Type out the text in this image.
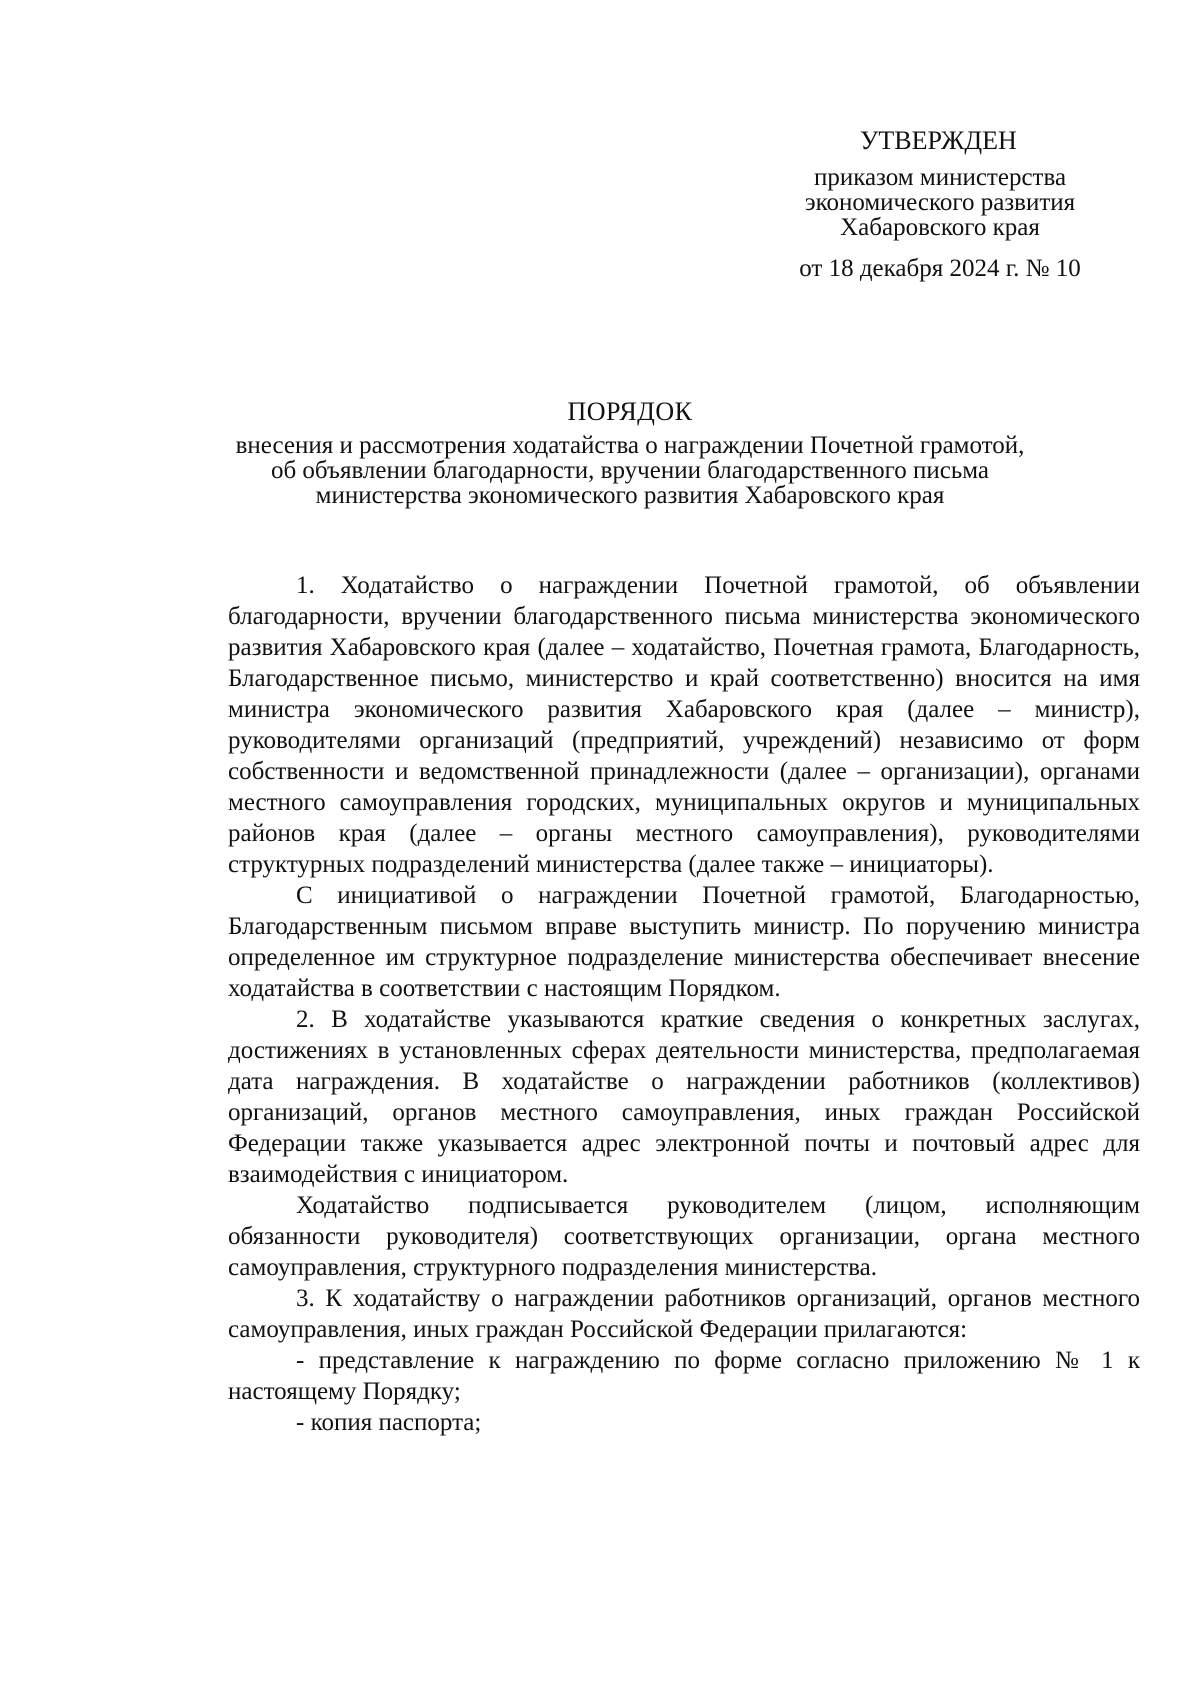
УТВЕРЖДЕН
приказом министерства
экономического развития
Хабаровского края
от 18 декабря 2024 г. № 10
ПОРЯДОК
внесения и рассмотрения ходатайства о награждении Почетной грамотой,
об объявлении благодарности, вручении благодарственного письма
министерства экономического развития Хабаровского края

1. Ходатайство о награждении Почетной грамотой, об объявлении благодарности, вручении благодарственного письма министерства экономического развития Хабаровского края (далее – ходатайство, Почетная грамота, Благодарность, Благодарственное письмо, министерство и край соответственно) вносится на имя министра экономического развития Хабаровского края (далее – министр), руководителями организаций (предприятий, учреждений) независимо от форм собственности и ведомственной принадлежности (далее – организации), органами местного самоуправления городских, муниципальных округов и муниципальных районов края (далее – органы местного самоуправления), руководителями структурных подразделений министерства (далее также – инициаторы).

С инициативой о награждении Почетной грамотой, Благодарностью, Благодарственным письмом вправе выступить министр. По поручению министра определенное им структурное подразделение министерства обеспечивает внесение ходатайства в соответствии с настоящим Порядком.

2. В ходатайстве указываются краткие сведения о конкретных заслугах, достижениях в установленных сферах деятельности министерства, предполагаемая дата награждения. В ходатайстве о награждении работников (коллективов) организаций, органов местного самоуправления, иных граждан Российской Федерации также указывается адрес электронной почты и почтовый адрес для взаимодействия с инициатором.

Ходатайство подписывается руководителем (лицом, исполняющим обязанности руководителя) соответствующих организации, органа местного самоуправления, структурного подразделения министерства.

3. К ходатайству о награждении работников организаций, органов местного самоуправления, иных граждан Российской Федерации прилагаются:

- представление к награждению по форме согласно приложению № 1 к настоящему Порядку;

- копия паспорта;
